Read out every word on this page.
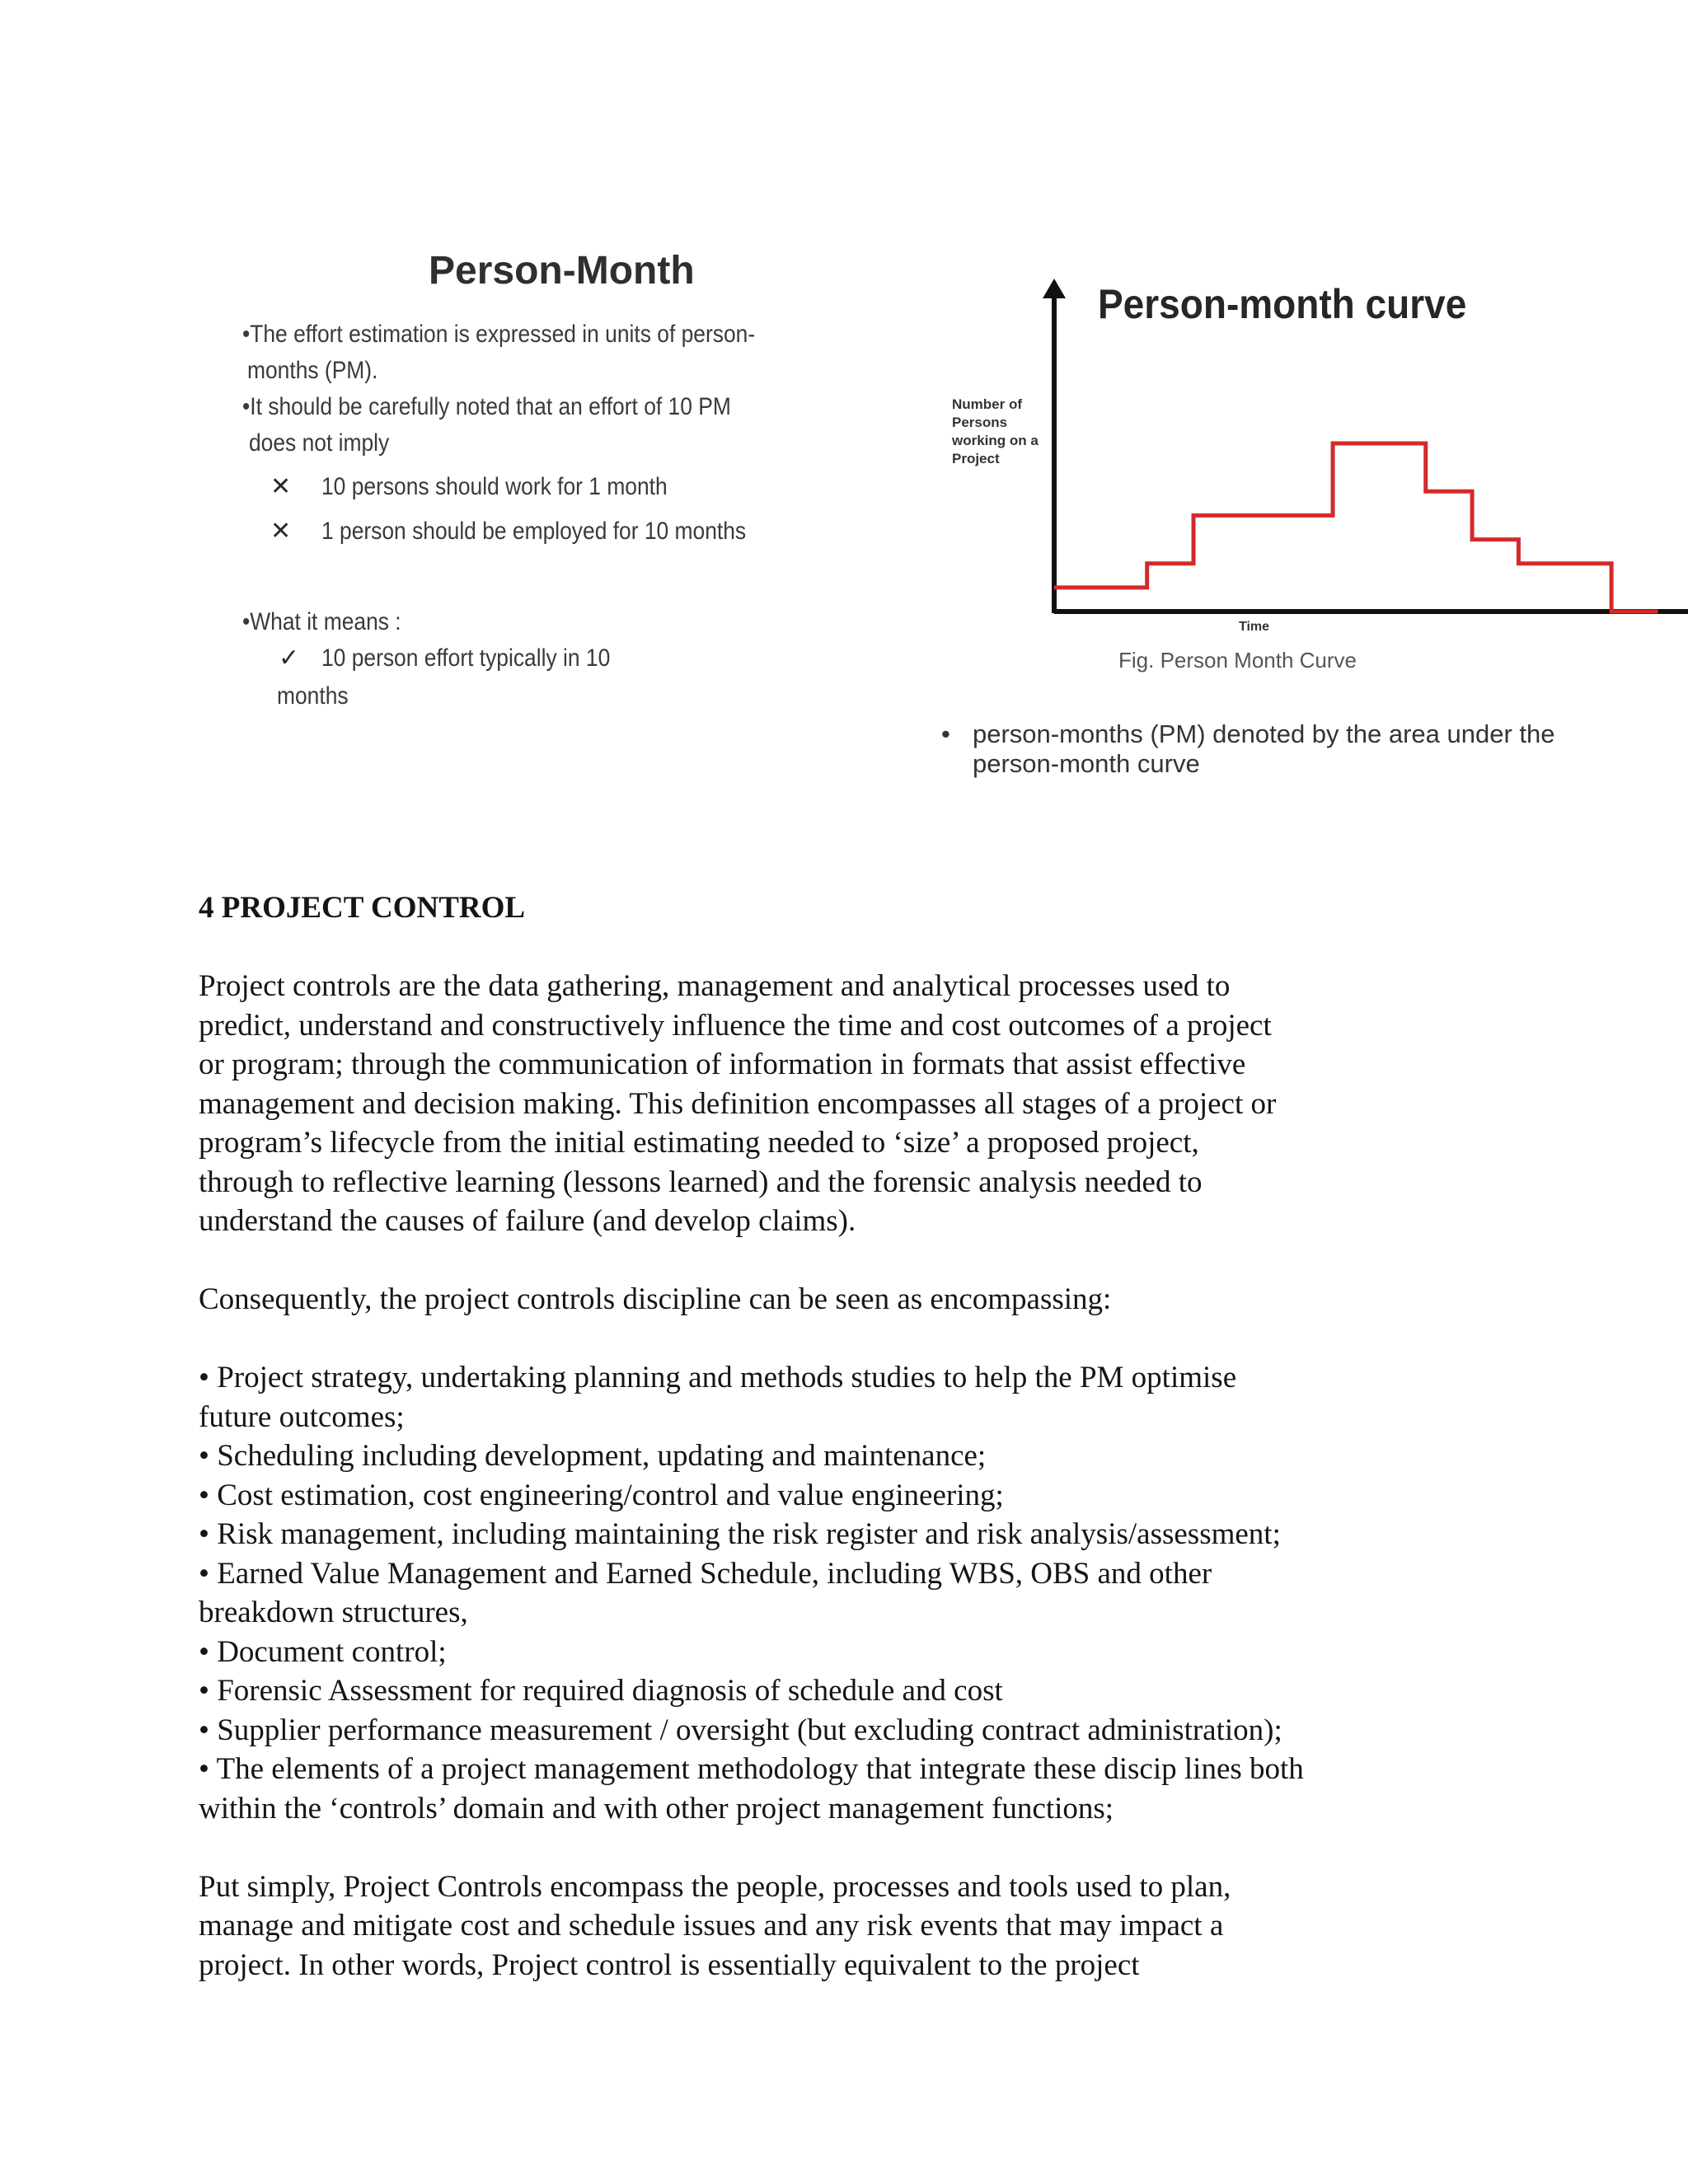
Person-Month
•The effort estimation is expressed in units of person-
months (PM).
•It should be carefully noted that an effort of 10 PM
does not imply
✕ 10 persons should work for 1 month
✕ 1 person should be employed for 10 months
•What it means :
✓ 10 person effort typically in 10
months
Person-month curve
Number of Persons working on a Project
Time
Fig. Person Month Curve
• person-months (PM) denoted by the area under the person-month curve

4 PROJECT CONTROL

Project controls are the data gathering, management and analytical processes used to

predict, understand and constructively influence the time and cost outcomes of a project

or program; through the communication of information in formats that assist effective

management and decision making. This definition encompasses all stages of a project or

program’s lifecycle from the initial estimating needed to ‘size’ a proposed project,

through to reflective learning (lessons learned) and the forensic analysis needed to

understand the causes of failure (and develop claims).

Consequently, the project controls discipline can be seen as encompassing:

• Project strategy, undertaking planning and methods studies to help the PM optimise

future outcomes;

• Scheduling including development, updating and maintenance;

• Cost estimation, cost engineering/control and value engineering;

• Risk management, including maintaining the risk register and risk analysis/assessment;

• Earned Value Management and Earned Schedule, including WBS, OBS and other

breakdown structures,

• Document control;

• Forensic Assessment for required diagnosis of schedule and cost

• Supplier performance measurement / oversight (but excluding contract administration);

• The elements of a project management methodology that integrate these discip lines both

within the ‘controls’ domain and with other project management functions;

Put simply, Project Controls encompass the people, processes and tools used to plan,

manage and mitigate cost and schedule issues and any risk events that may impact a

project. In other words, Project control is essentially equivalent to the project
